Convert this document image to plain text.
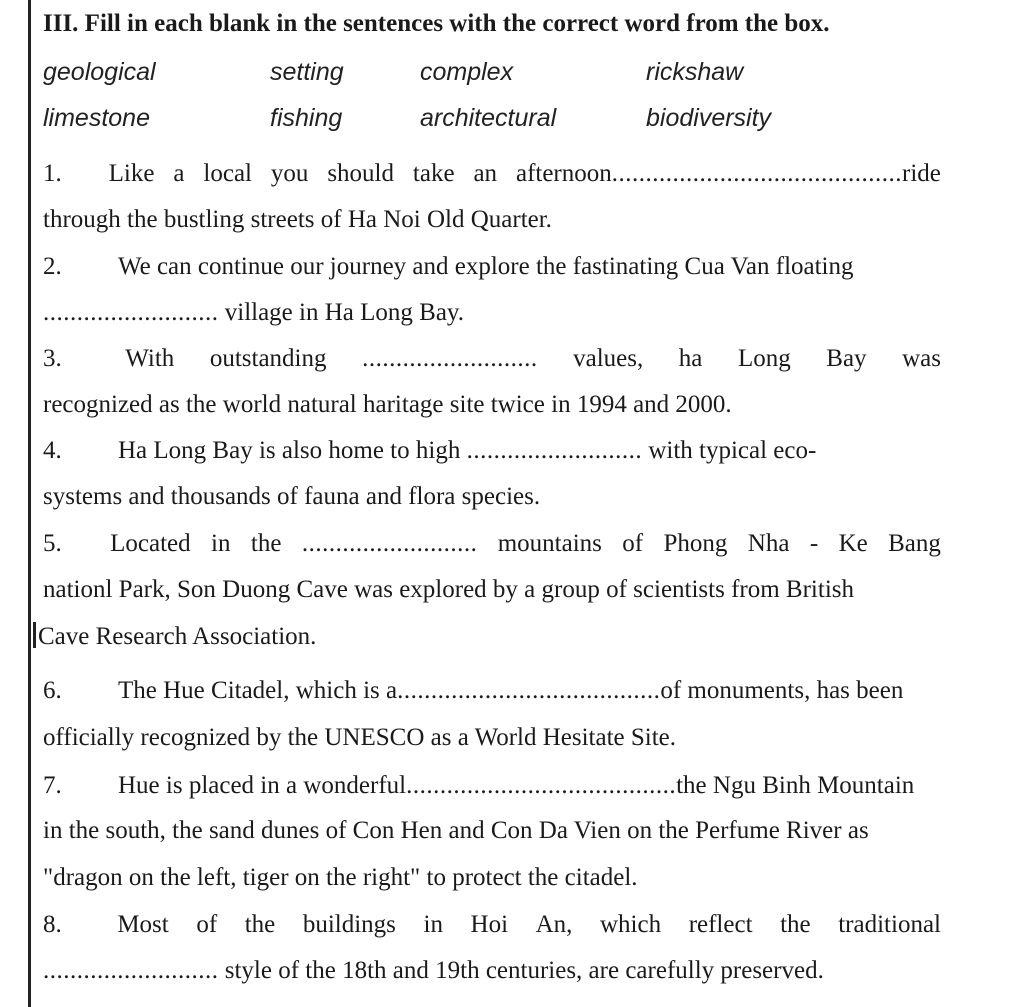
III. Fill in each blank in the sentences with the correct word from the box.
geological	setting	complex	rickshaw
limestone	fishing	architectural	biodiversity
1. Like a local you should take an afternoon...........................................ride
through the bustling streets of Ha Noi Old Quarter.
2. We can continue our journey and explore the fastinating Cua Van floating
.......................... village in Ha Long Bay.
3.	With outstanding .......................... values, ha Long Bay was
recognized as the world natural haritage site twice in 1994 and 2000.
4. Ha Long Bay is also home to high .......................... with typical eco-
systems and thousands of fauna and flora species.
5. Located in the .......................... mountains of Phong Nha - Ke Bang
nationl Park, Son Duong Cave was explored by a group of scientists from British
Cave Research Association.
6. The Hue Citadel, which is a.......................................of monuments, has been
officially recognized by the UNESCO as a World Hesitate Site.
7. Hue is placed in a wonderful........................................the Ngu Binh Mountain
in the south, the sand dunes of Con Hen and Con Da Vien on the Perfume River as
"dragon on the left, tiger on the right" to protect the citadel.
8. Most of the buildings in Hoi An, which reflect the traditional
.......................... style of the 18th and 19th centuries, are carefully preserved.
